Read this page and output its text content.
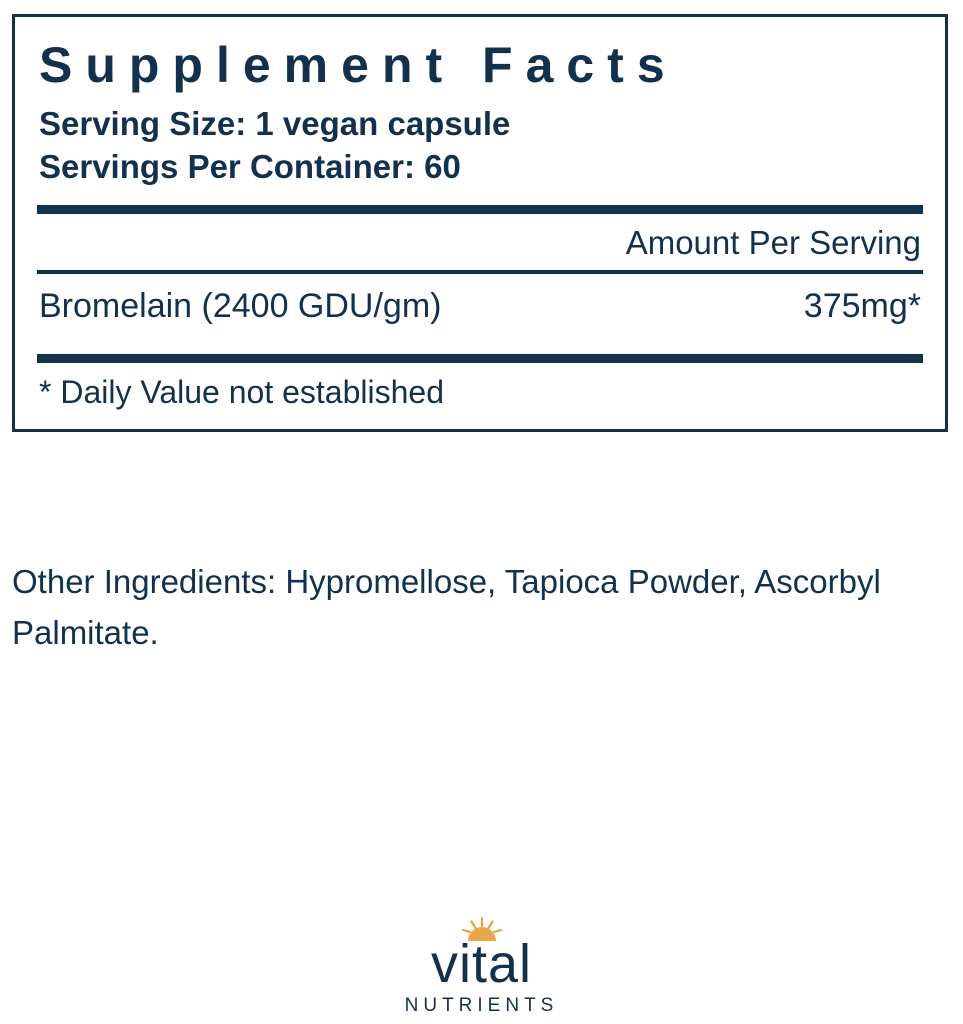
Supplement Facts
Serving Size: 1 vegan capsule
Servings Per Container: 60
Amount Per Serving
Bromelain (2400 GDU/gm)	375mg*
* Daily Value not established
Other Ingredients: Hypromellose, Tapioca Powder, Ascorbyl Palmitate.
vital
NUTRIENTS
